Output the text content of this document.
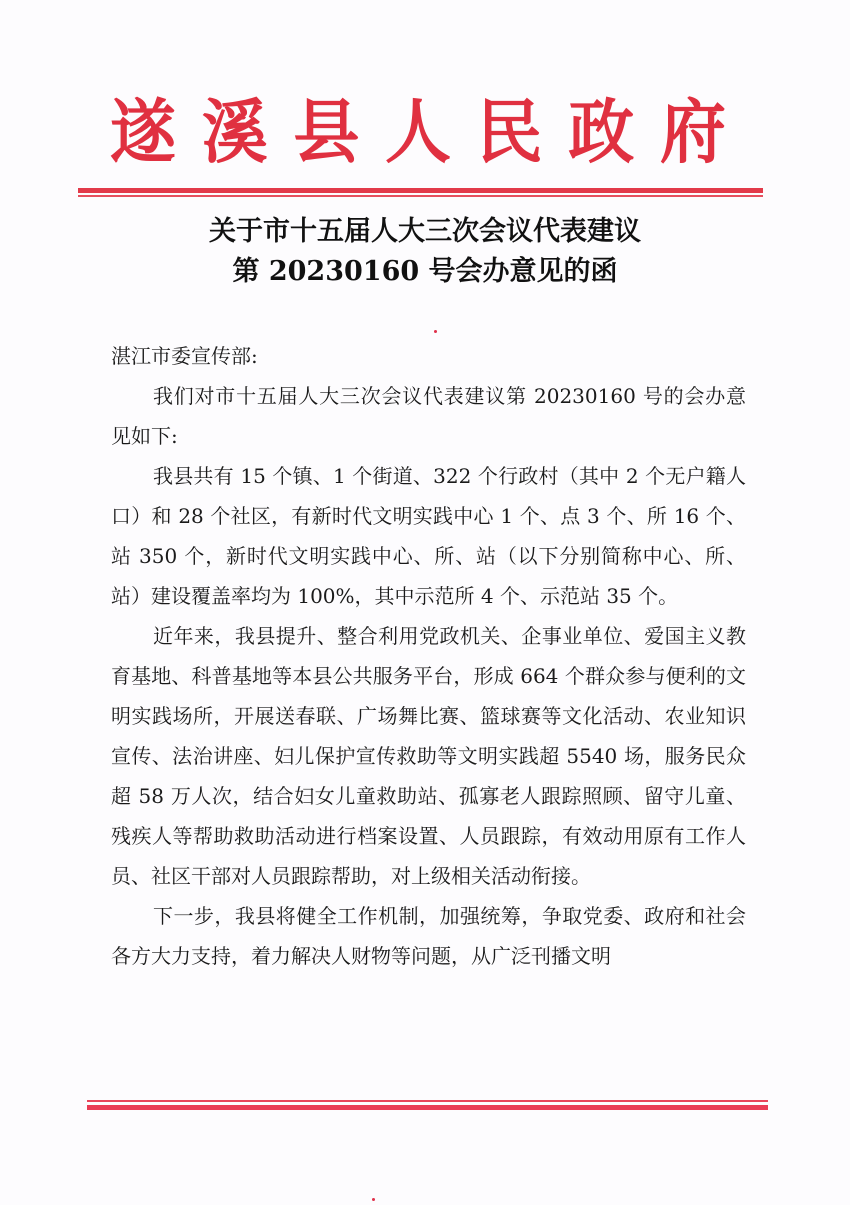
遂 溪 县 人 民 政 府
关于市十五届人大三次会议代表建议
第 20230160 号会办意见的函

湛江市委宣传部:

我们对市十五届人大三次会议代表建议第 20230160 号的会办意见如下:

我县共有 15 个镇、1 个街道、322 个行政村（其中 2 个无户籍人口）和 28 个社区，有新时代文明实践中心 1 个、点 3 个、所 16 个、站 350 个，新时代文明实践中心、所、站（以下分别简称中心、所、站）建设覆盖率均为 100%，其中示范所 4 个、示范站 35 个。

近年来，我县提升、整合利用党政机关、企事业单位、爱国主义教育基地、科普基地等本县公共服务平台，形成 664 个群众参与便利的文明实践场所，开展送春联、广场舞比赛、篮球赛等文化活动、农业知识宣传、法治讲座、妇儿保护宣传救助等文明实践超 5540 场，服务民众超 58 万人次，结合妇女儿童救助站、孤寡老人跟踪照顾、留守儿童、残疾人等帮助救助活动进行档案设置、人员跟踪，有效动用原有工作人员、社区干部对人员跟踪帮助，对上级相关活动衔接。

下一步，我县将健全工作机制，加强统筹，争取党委、政府和社会各方大力支持，着力解决人财物等问题，从广泛刊播文明
